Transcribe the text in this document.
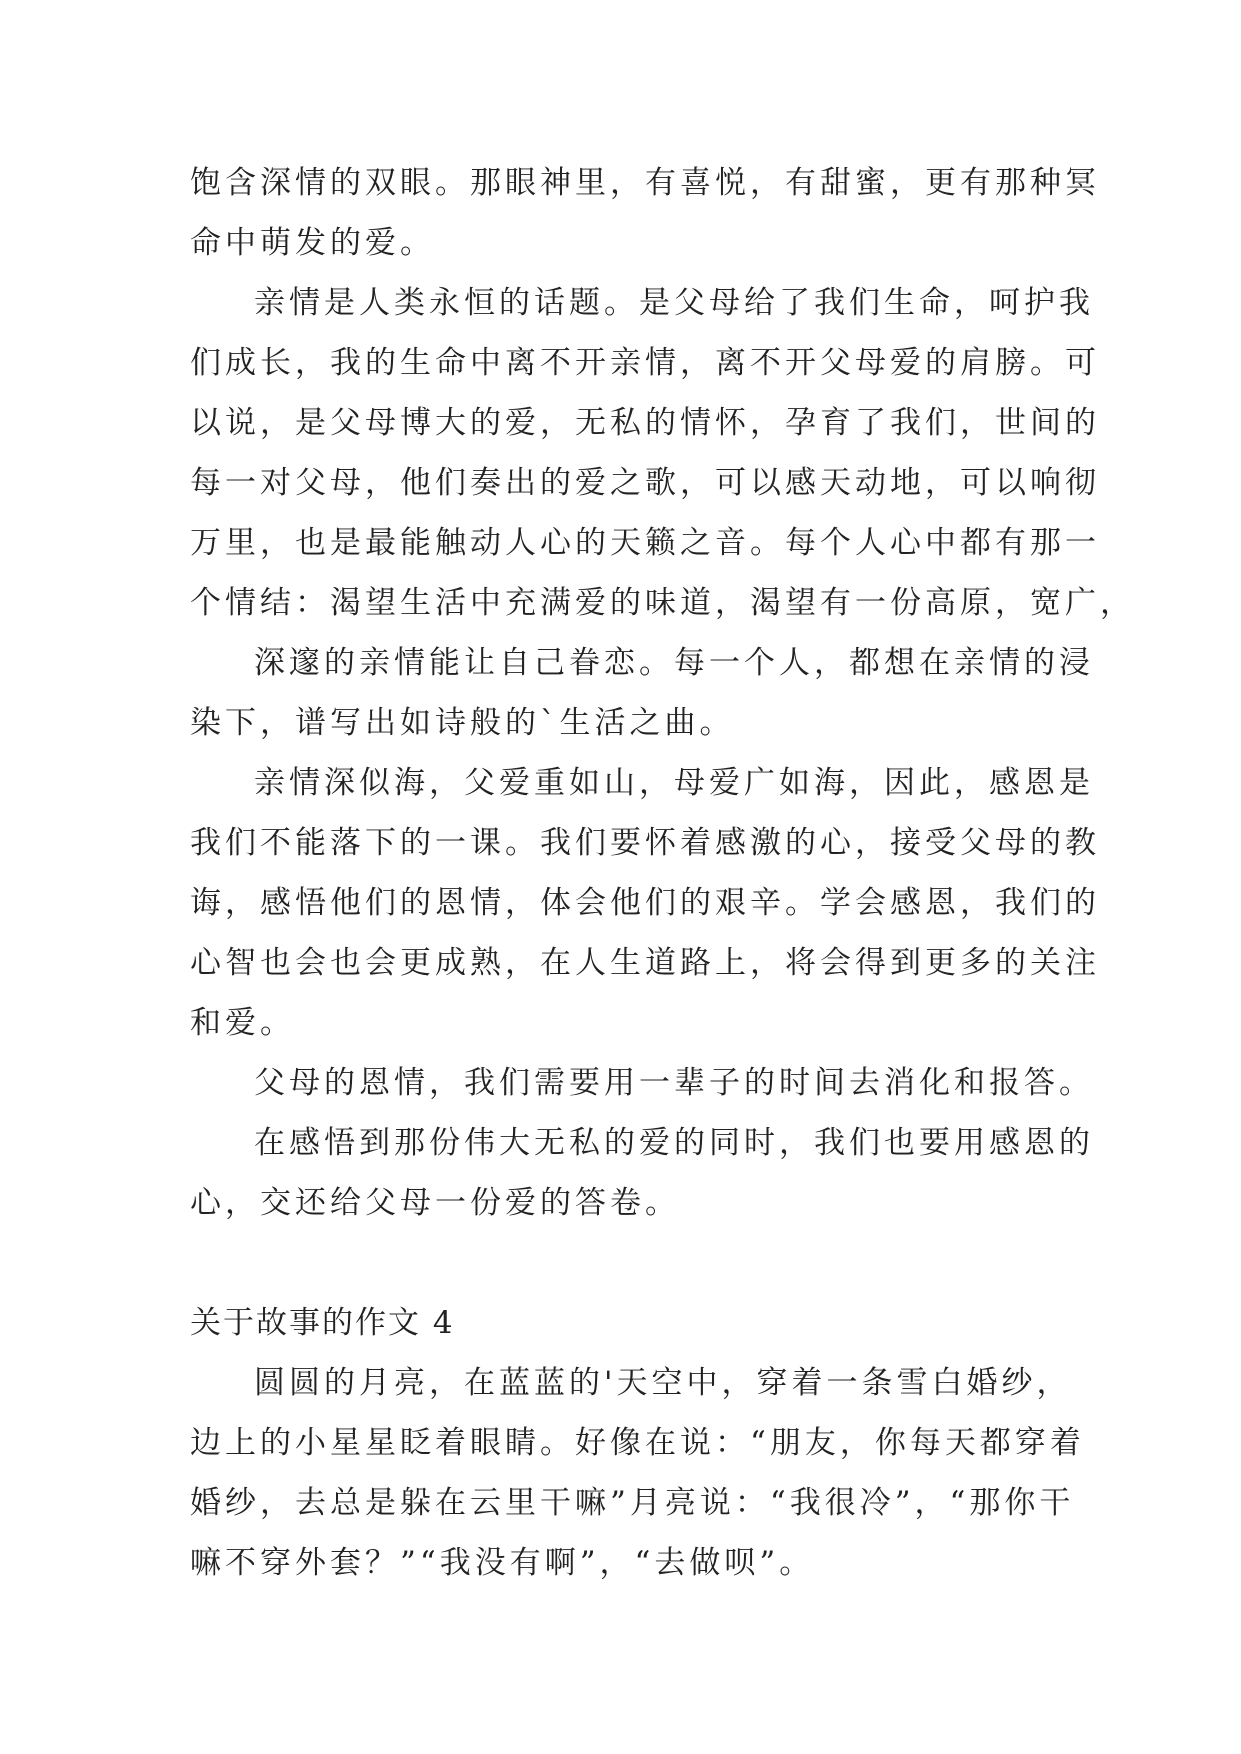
饱含深情的双眼。那眼神里，有喜悦，有甜蜜，更有那种冥
命中萌发的爱。
亲情是人类永恒的话题。是父母给了我们生命，呵护我
们成长，我的生命中离不开亲情，离不开父母爱的肩膀。可
以说，是父母博大的爱，无私的情怀，孕育了我们，世间的
每一对父母，他们奏出的爱之歌，可以感天动地，可以响彻
万里，也是最能触动人心的天籁之音。每个人心中都有那一
个情结：渴望生活中充满爱的味道，渴望有一份高原，宽广，
深邃的亲情能让自己眷恋。每一个人，都想在亲情的浸
染下，谱写出如诗般的`生活之曲。
亲情深似海，父爱重如山，母爱广如海，因此，感恩是
我们不能落下的一课。我们要怀着感激的心，接受父母的教
诲，感悟他们的恩情，体会他们的艰辛。学会感恩，我们的
心智也会也会更成熟，在人生道路上，将会得到更多的关注
和爱。
父母的恩情，我们需要用一辈子的时间去消化和报答。
在感悟到那份伟大无私的爱的同时，我们也要用感恩的
心，交还给父母一份爱的答卷。
关于故事的作文 4
圆圆的月亮，在蓝蓝的'天空中，穿着一条雪白婚纱，
边上的小星星眨着眼睛。好像在说：“朋友，你每天都穿着
婚纱，去总是躲在云里干嘛”月亮说：“我很冷”，“那你干
嘛不穿外套？”“我没有啊”，“去做呗”。
